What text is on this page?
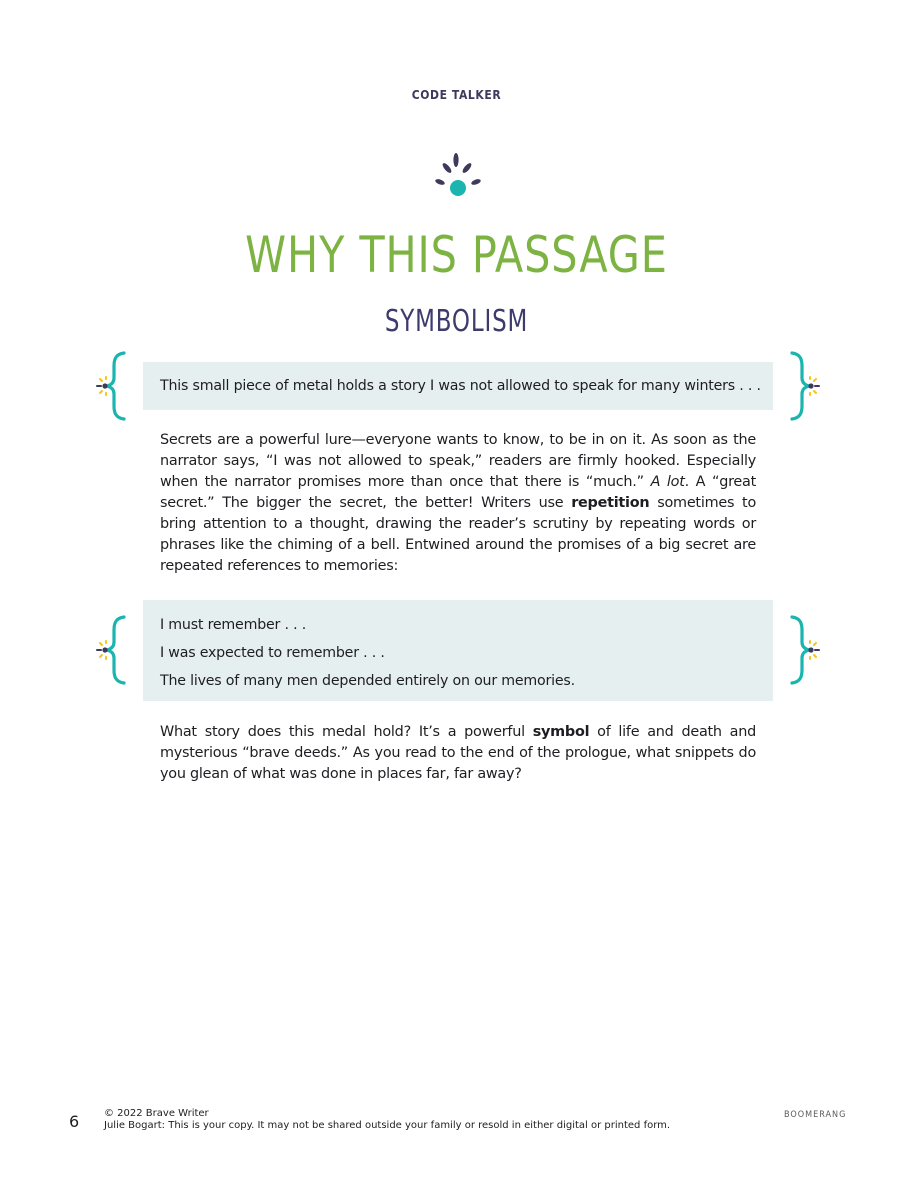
CODE TALKER
WHY THIS PASSAGE
SYMBOLISM
This small piece of metal holds a story I was not allowed to speak for many winters . . .
Secrets are a powerful lure—everyone wants to know, to be in on it. As soon as the narrator says, “I was not allowed to speak,” readers are firmly hooked. Especially when the narrator promises more than once that there is “much.” A lot. A “great secret.” The bigger the secret, the better! Writers use repetition sometimes to bring attention to a thought, drawing the reader’s scrutiny by repeating words or phrases like the chiming of a bell. Entwined around the promises of a big secret are repeated references to memories:
I must remember . . .
I was expected to remember . . .
The lives of many men depended entirely on our memories.
What story does this medal hold? It’s a powerful symbol of life and death and mysterious “brave deeds.” As you read to the end of the prologue, what snippets do you glean of what was done in places far, far away?
6 © 2022 Brave Writer
Julie Bogart: This is your copy. It may not be shared outside your family or resold in either digital or printed form.
BOOMERANG
